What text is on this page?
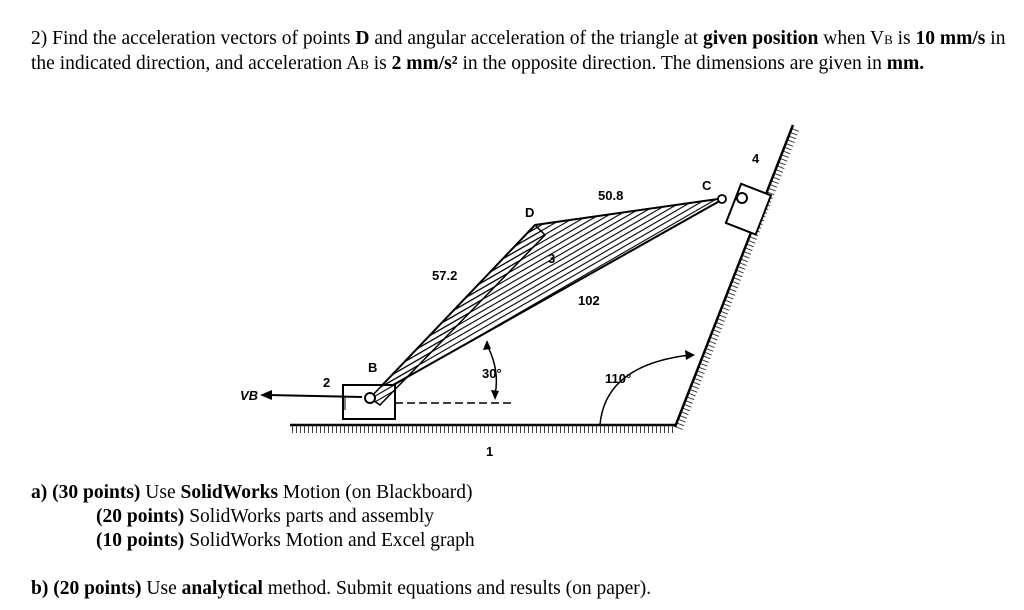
2) Find the acceleration vectors of points D and angular acceleration of the triangle at given position when VB is 10 mm/s in the indicated direction, and acceleration AB is 2 mm/s² in the opposite direction. The dimensions are given in mm.
D
C
B
VB
1
2
3
4
57.2
50.8
102
30°	110°
a) (30 points) Use SolidWorks Motion (on Blackboard)
(20 points) SolidWorks parts and assembly
(10 points) SolidWorks Motion and Excel graph
b) (20 points) Use analytical method. Submit equations and results (on paper).
